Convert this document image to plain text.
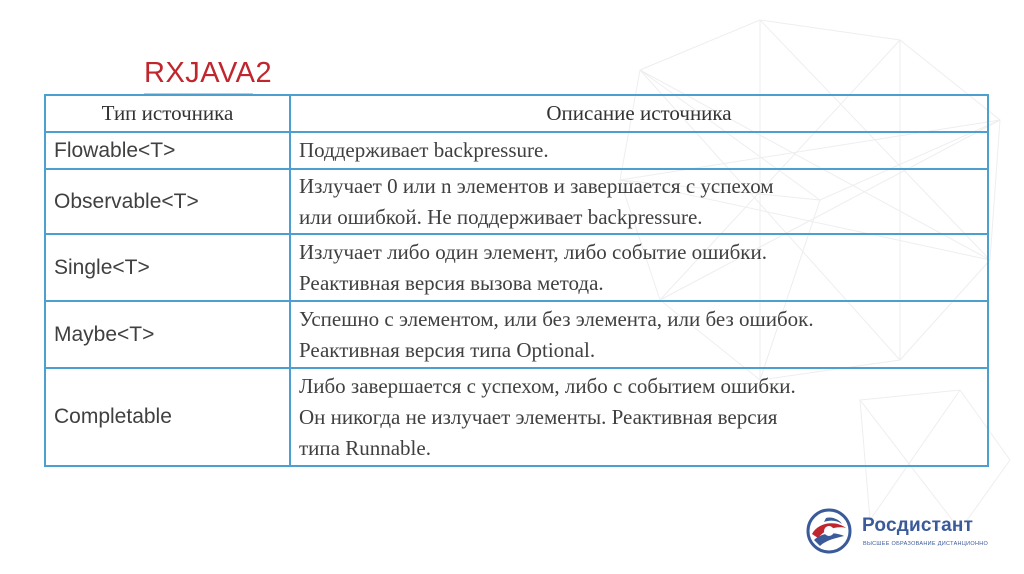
RXJAVA2
Тип источника	Описание источника
Flowable<T>	Поддерживает backpressure.

Observable<T>	Излучает 0 или n элементов и завершается с успехом
или ошибкой. Не поддерживает backpressure.

Single<T>	Излучает либо один элемент, либо событие ошибки.
Реактивная версия вызова метода.

Maybe<T>	Успешно с элементом, или без элемента, или без ошибок.
Реактивная версия типа Optional.

Completable	Либо завершается с успехом, либо с событием ошибки.
Он никогда не излучает элементы. Реактивная версия
типа Runnable.
Росдистант
ВЫСШЕЕ ОБРАЗОВАНИЕ ДИСТАНЦИОННО
